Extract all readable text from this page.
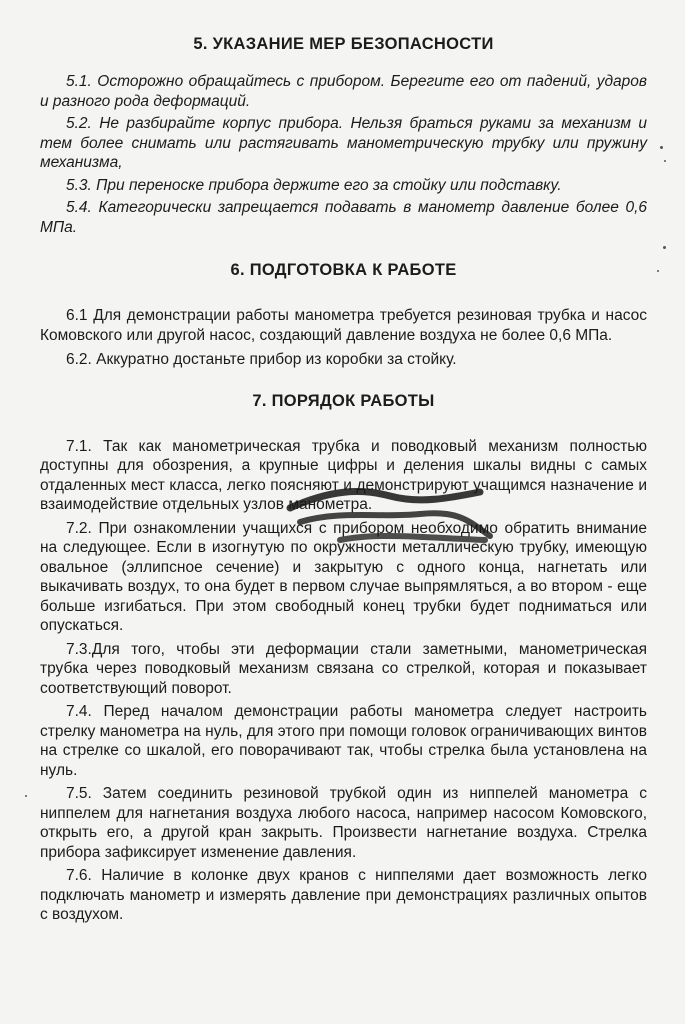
5. УКАЗАНИЕ МЕР БЕЗОПАСНОСТИ

5.1. Осторожно обращайтесь с прибором. Берегите его от падений, ударов и разного рода деформаций.

5.2. Не разбирайте корпус прибора. Нельзя браться руками за механизм и тем более снимать или растягивать манометрическую трубку или пружину механизма,

5.3. При переноске прибора держите его за стойку или подставку.

5.4. Категорически запрещается подавать в манометр давление более 0,6 МПа.

6. ПОДГОТОВКА К РАБОТЕ

6.1 Для демонстрации работы манометра требуется резиновая трубка и насос Комовского или другой насос, создающий давление воздуха не более 0,6 МПа.

6.2. Аккуратно достаньте прибор из коробки за стойку.

7. ПОРЯДОК РАБОТЫ

7.1. Так как манометрическая трубка и поводковый механизм полностью доступны для обозрения, а крупные цифры и деления шкалы видны с самых отдаленных мест класса, легко поясняют и демонстрируют учащимся назначение и взаимодействие отдельных узлов манометра.

7.2. При ознакомлении учащихся с прибором необходимо обратить внимание на следующее. Если в изогнутую по окружности металлическую трубку, имеющую овальное (эллипсное сечение) и закрытую с одного конца, нагнетать или выкачивать воздух, то она будет в первом случае выпрямляться, а во втором - еще больше изгибаться. При этом свободный конец трубки будет подниматься или опускаться.

7.3.Для того, чтобы эти деформации стали заметными, манометрическая трубка через поводковый механизм связана со стрелкой, которая и показывает соответствующий поворот.

7.4. Перед началом демонстрации работы манометра следует настроить стрелку манометра на нуль, для этого при помощи головок ограничивающих винтов на стрелке со шкалой, его поворачивают так, чтобы стрелка была установлена на нуль.

7.5. Затем соединить резиновой трубкой один из ниппелей манометра с ниппелем для нагнетания воздуха любого насоса, например насосом Комовского, открыть его, а другой кран закрыть. Произвести нагнетание воздуха. Стрелка прибора зафиксирует изменение давления.

7.6. Наличие в колонке двух кранов с ниппелями дает возможность легко подключать манометр и измерять давление при демонстрациях различных опытов с воздухом.
